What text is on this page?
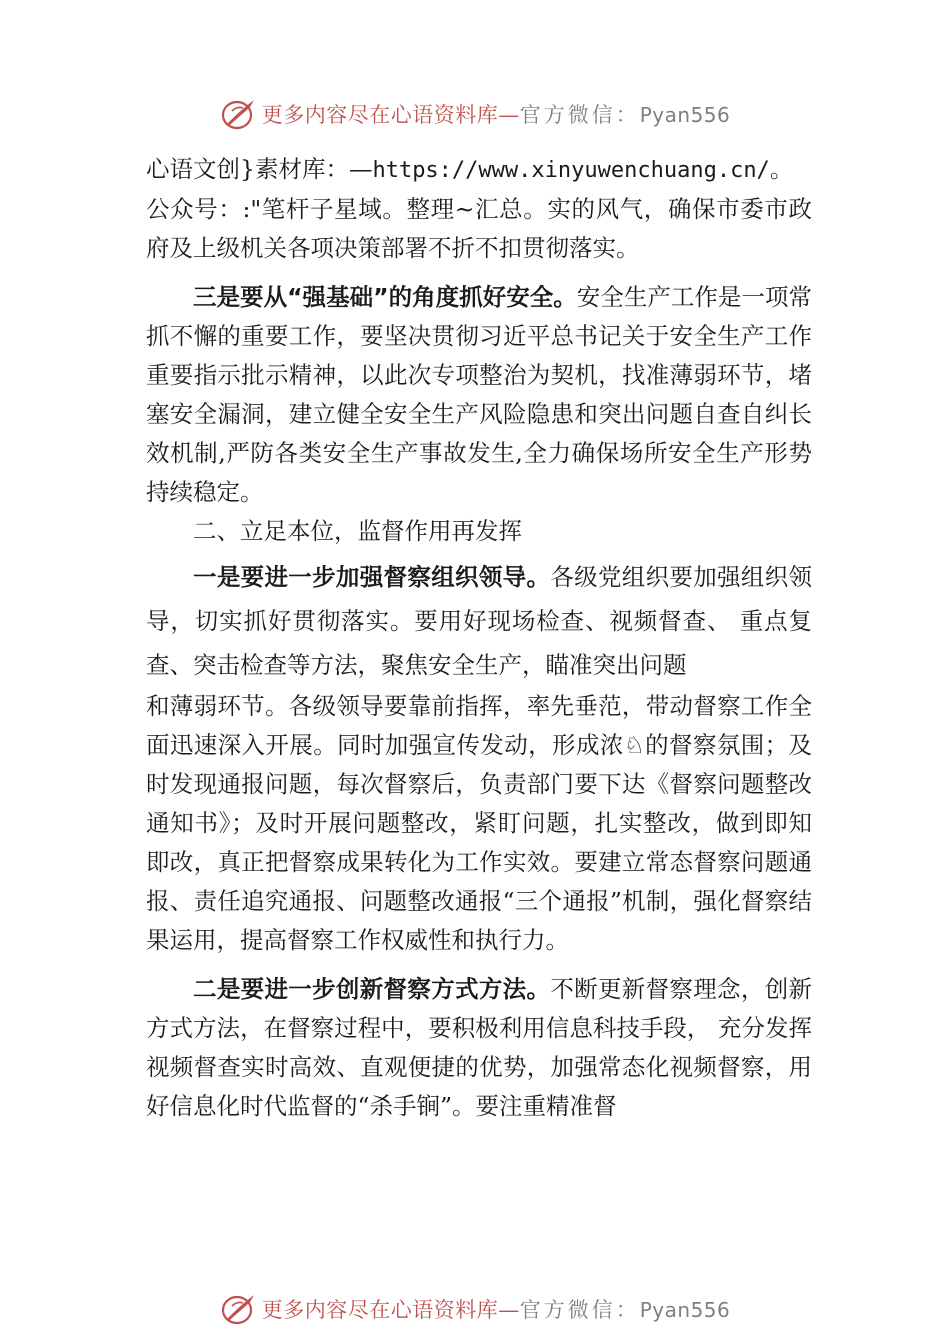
更多内容尽在心语资料库—官方微信：Pyan556

心语文创}素材库：—https://www.xinyuwenchuang.cn/。

公众号：:"笔杆子星域。整理~汇总。实的风气，确保市委市政府及上级机关各项决策部署不折不扣贯彻落实。

三是要从“强基础”的角度抓好安全。安全生产工作是一项常抓不懈的重要工作，要坚决贯彻习近平总书记关于安全生产工作重要指示批示精神，以此次专项整治为契机，找准薄弱环节，堵塞安全漏洞，建立健全安全生产风险隐患和突出问题自查自纠长效机制,严防各类安全生产事故发生,全力确保场所安全生产形势持续稳定。

二、立足本位，监督作用再发挥

一是要进一步加强督察组织领导。各级党组织要加强组织领导，切实抓好贯彻落实。要用好现场检查、视频督查、 重点复查、突击检查等方法，聚焦安全生产，瞄准突出问题

和薄弱环节。各级领导要靠前指挥，率先垂范，带动督察工作全面迅速深入开展。同时加强宣传发动，形成浓♘的督察氛围；及时发现通报问题，每次督察后，负责部门要下达《督察问题整改通知书》；及时开展问题整改，紧盯问题，扎实整改，做到即知即改，真正把督察成果转化为工作实效。要建立常态督察问题通报、责任追究通报、问题整改通报“三个通报”机制，强化督察结果运用，提高督察工作权威性和执行力。

二是要进一步创新督察方式方法。不断更新督察理念，创新方式方法，在督察过程中，要积极利用信息科技手段， 充分发挥视频督查实时高效、直观便捷的优势，加强常态化视频督察，用好信息化时代监督的“杀手锏”。要注重精准督

更多内容尽在心语资料库—官方微信：Pyan556
